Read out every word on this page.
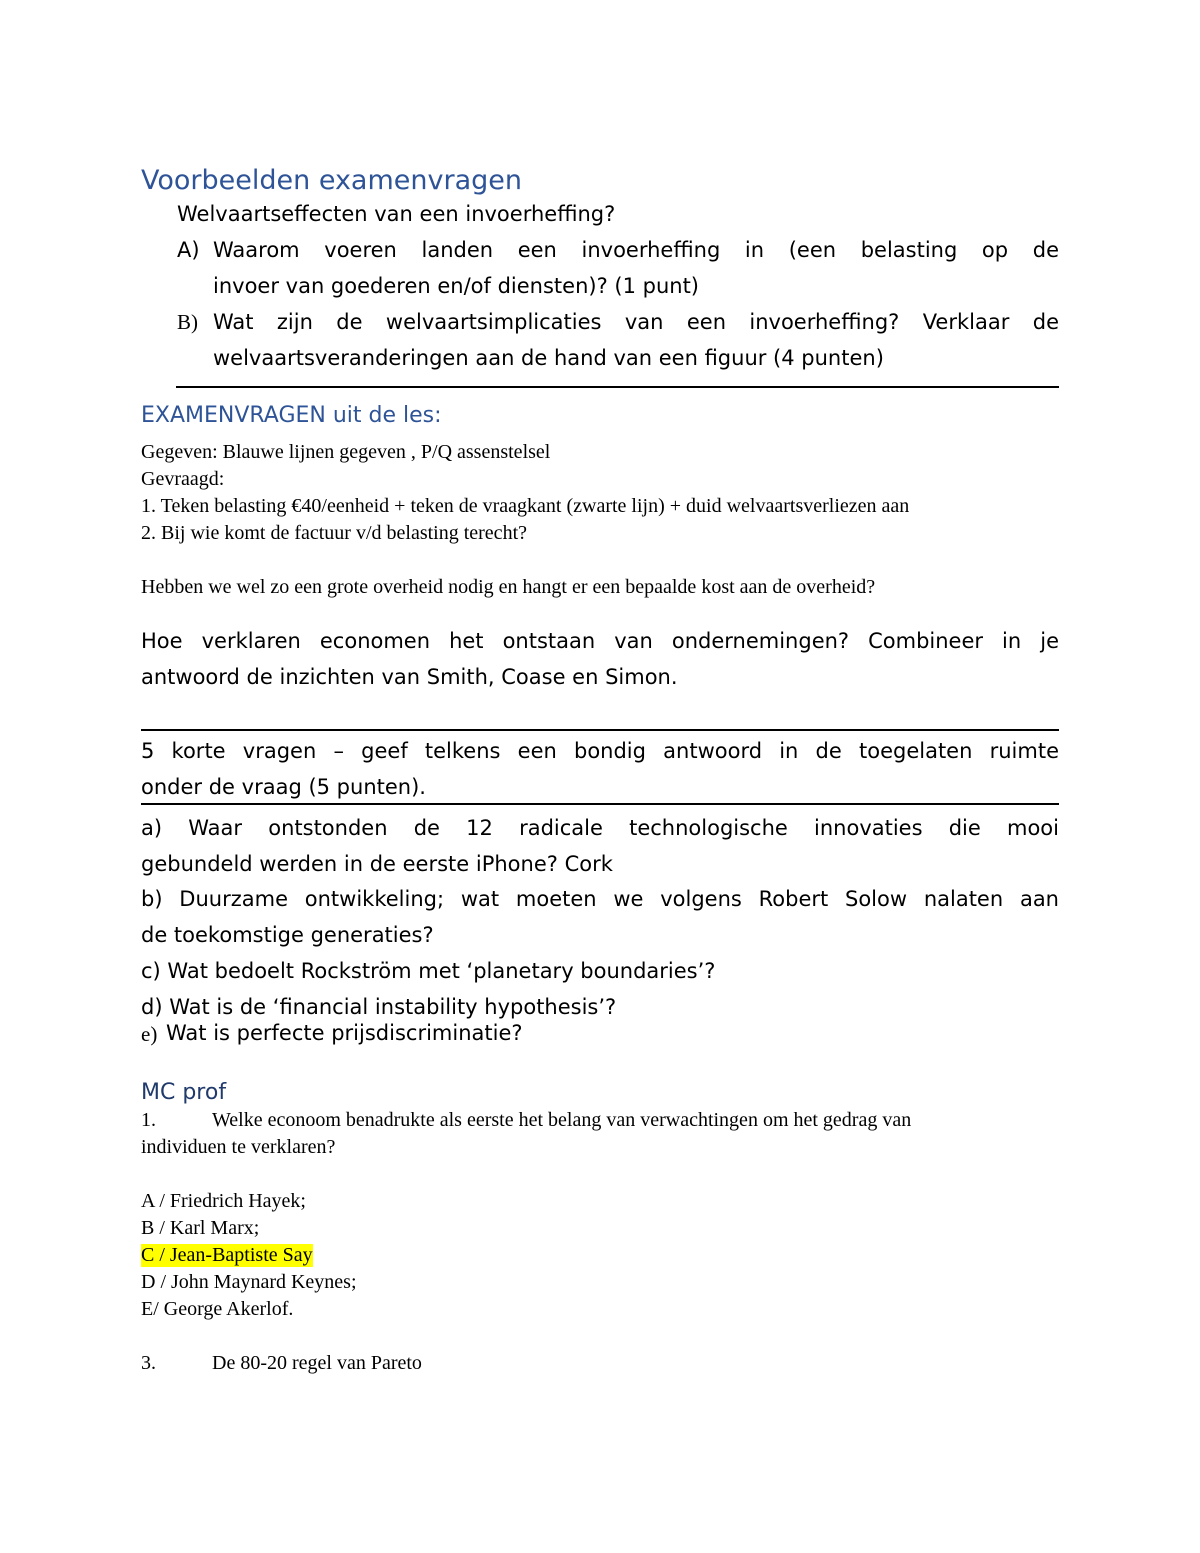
Voorbeelden examenvragen
Welvaartseffecten van een invoerheffing?
A) Waarom voeren landen een invoerheffing in (een belasting op de
invoer van goederen en/of diensten)? (1 punt)
B) Wat zijn de welvaartsimplicaties van een invoerheffing? Verklaar de
welvaartsveranderingen aan de hand van een figuur (4 punten)
EXAMENVRAGEN uit de les:
Gegeven: Blauwe lijnen gegeven , P/Q assenstelsel
Gevraagd:
1. Teken belasting €40/eenheid + teken de vraagkant (zwarte lijn) + duid welvaartsverliezen aan
2. Bij wie komt de factuur v/d belasting terecht?
Hebben we wel zo een grote overheid nodig en hangt er een bepaalde kost aan de overheid?
Hoe verklaren economen het ontstaan van ondernemingen? Combineer in je
antwoord de inzichten van Smith, Coase en Simon.
5 korte vragen – geef telkens een bondig antwoord in de toegelaten ruimte
onder de vraag (5 punten).
a) Waar ontstonden de 12 radicale technologische innovaties die mooi
gebundeld werden in de eerste iPhone? Cork
b) Duurzame ontwikkeling; wat moeten we volgens Robert Solow nalaten aan
de toekomstige generaties?
c) Wat bedoelt Rockström met ‘planetary boundaries’?
d) Wat is de ‘financial instability hypothesis’?
e) Wat is perfecte prijsdiscriminatie?
MC prof
1.	Welke econoom benadrukte als eerste het belang van verwachtingen om het gedrag van
individuen te verklaren?
A / Friedrich Hayek;
B / Karl Marx;
C / Jean-Baptiste Say
D / John Maynard Keynes;
E/ George Akerlof.
3.	De 80-20 regel van Pareto
